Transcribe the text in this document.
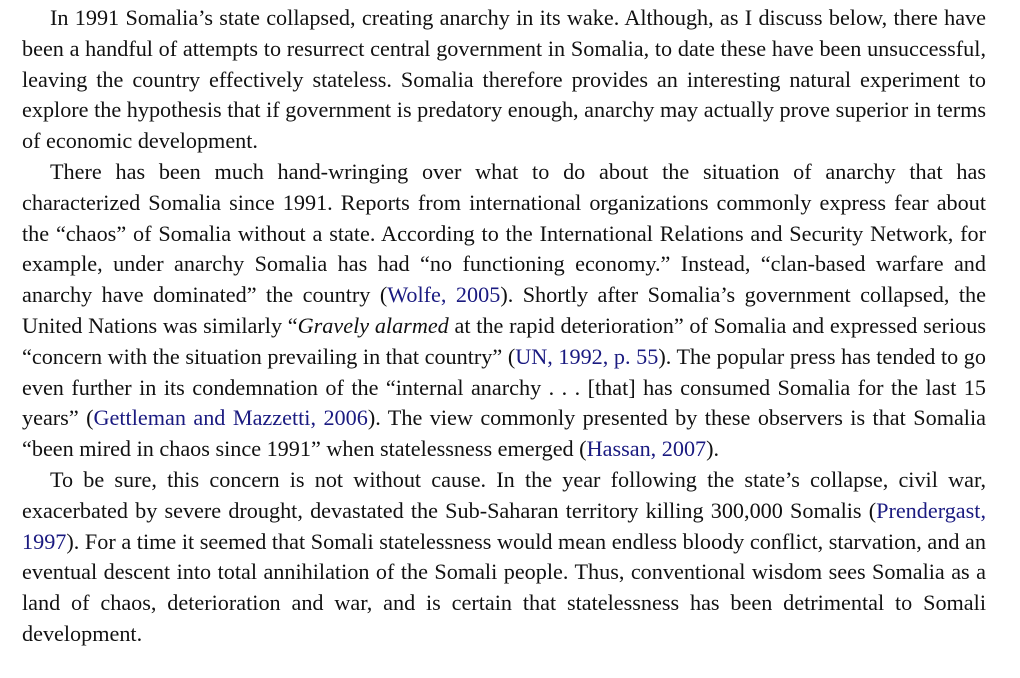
In 1991 Somalia’s state collapsed, creating anarchy in its wake. Although, as I discuss below, there have been a handful of attempts to resurrect central government in Somalia, to date these have been unsuccessful, leaving the country effectively stateless. Somalia therefore provides an interesting natural experiment to explore the hypothesis that if government is predatory enough, anarchy may actually prove superior in terms of economic development.

There has been much hand-wringing over what to do about the situation of anarchy that has characterized Somalia since 1991. Reports from international organizations commonly express fear about the “chaos” of Somalia without a state. According to the International Relations and Security Network, for example, under anarchy Somalia has had “no functioning economy.” Instead, “clan-based warfare and anarchy have dominated” the country (Wolfe, 2005). Shortly after Somalia’s government collapsed, the United Nations was similarly “Gravely alarmed at the rapid deterioration” of Somalia and expressed serious “concern with the situation prevailing in that country” (UN, 1992, p. 55). The popular press has tended to go even further in its condemnation of the “internal anarchy . . . [that] has consumed Somalia for the last 15 years” (Gettleman and Mazzetti, 2006). The view commonly presented by these observers is that Somalia “been mired in chaos since 1991” when statelessness emerged (Hassan, 2007).

To be sure, this concern is not without cause. In the year following the state’s collapse, civil war, exacerbated by severe drought, devastated the Sub-Saharan territory killing 300,000 Somalis (Prendergast, 1997). For a time it seemed that Somali statelessness would mean endless bloody conflict, starvation, and an eventual descent into total annihilation of the Somali people. Thus, conventional wisdom sees Somalia as a land of chaos, deterioration and war, and is certain that statelessness has been detrimental to Somali development.
